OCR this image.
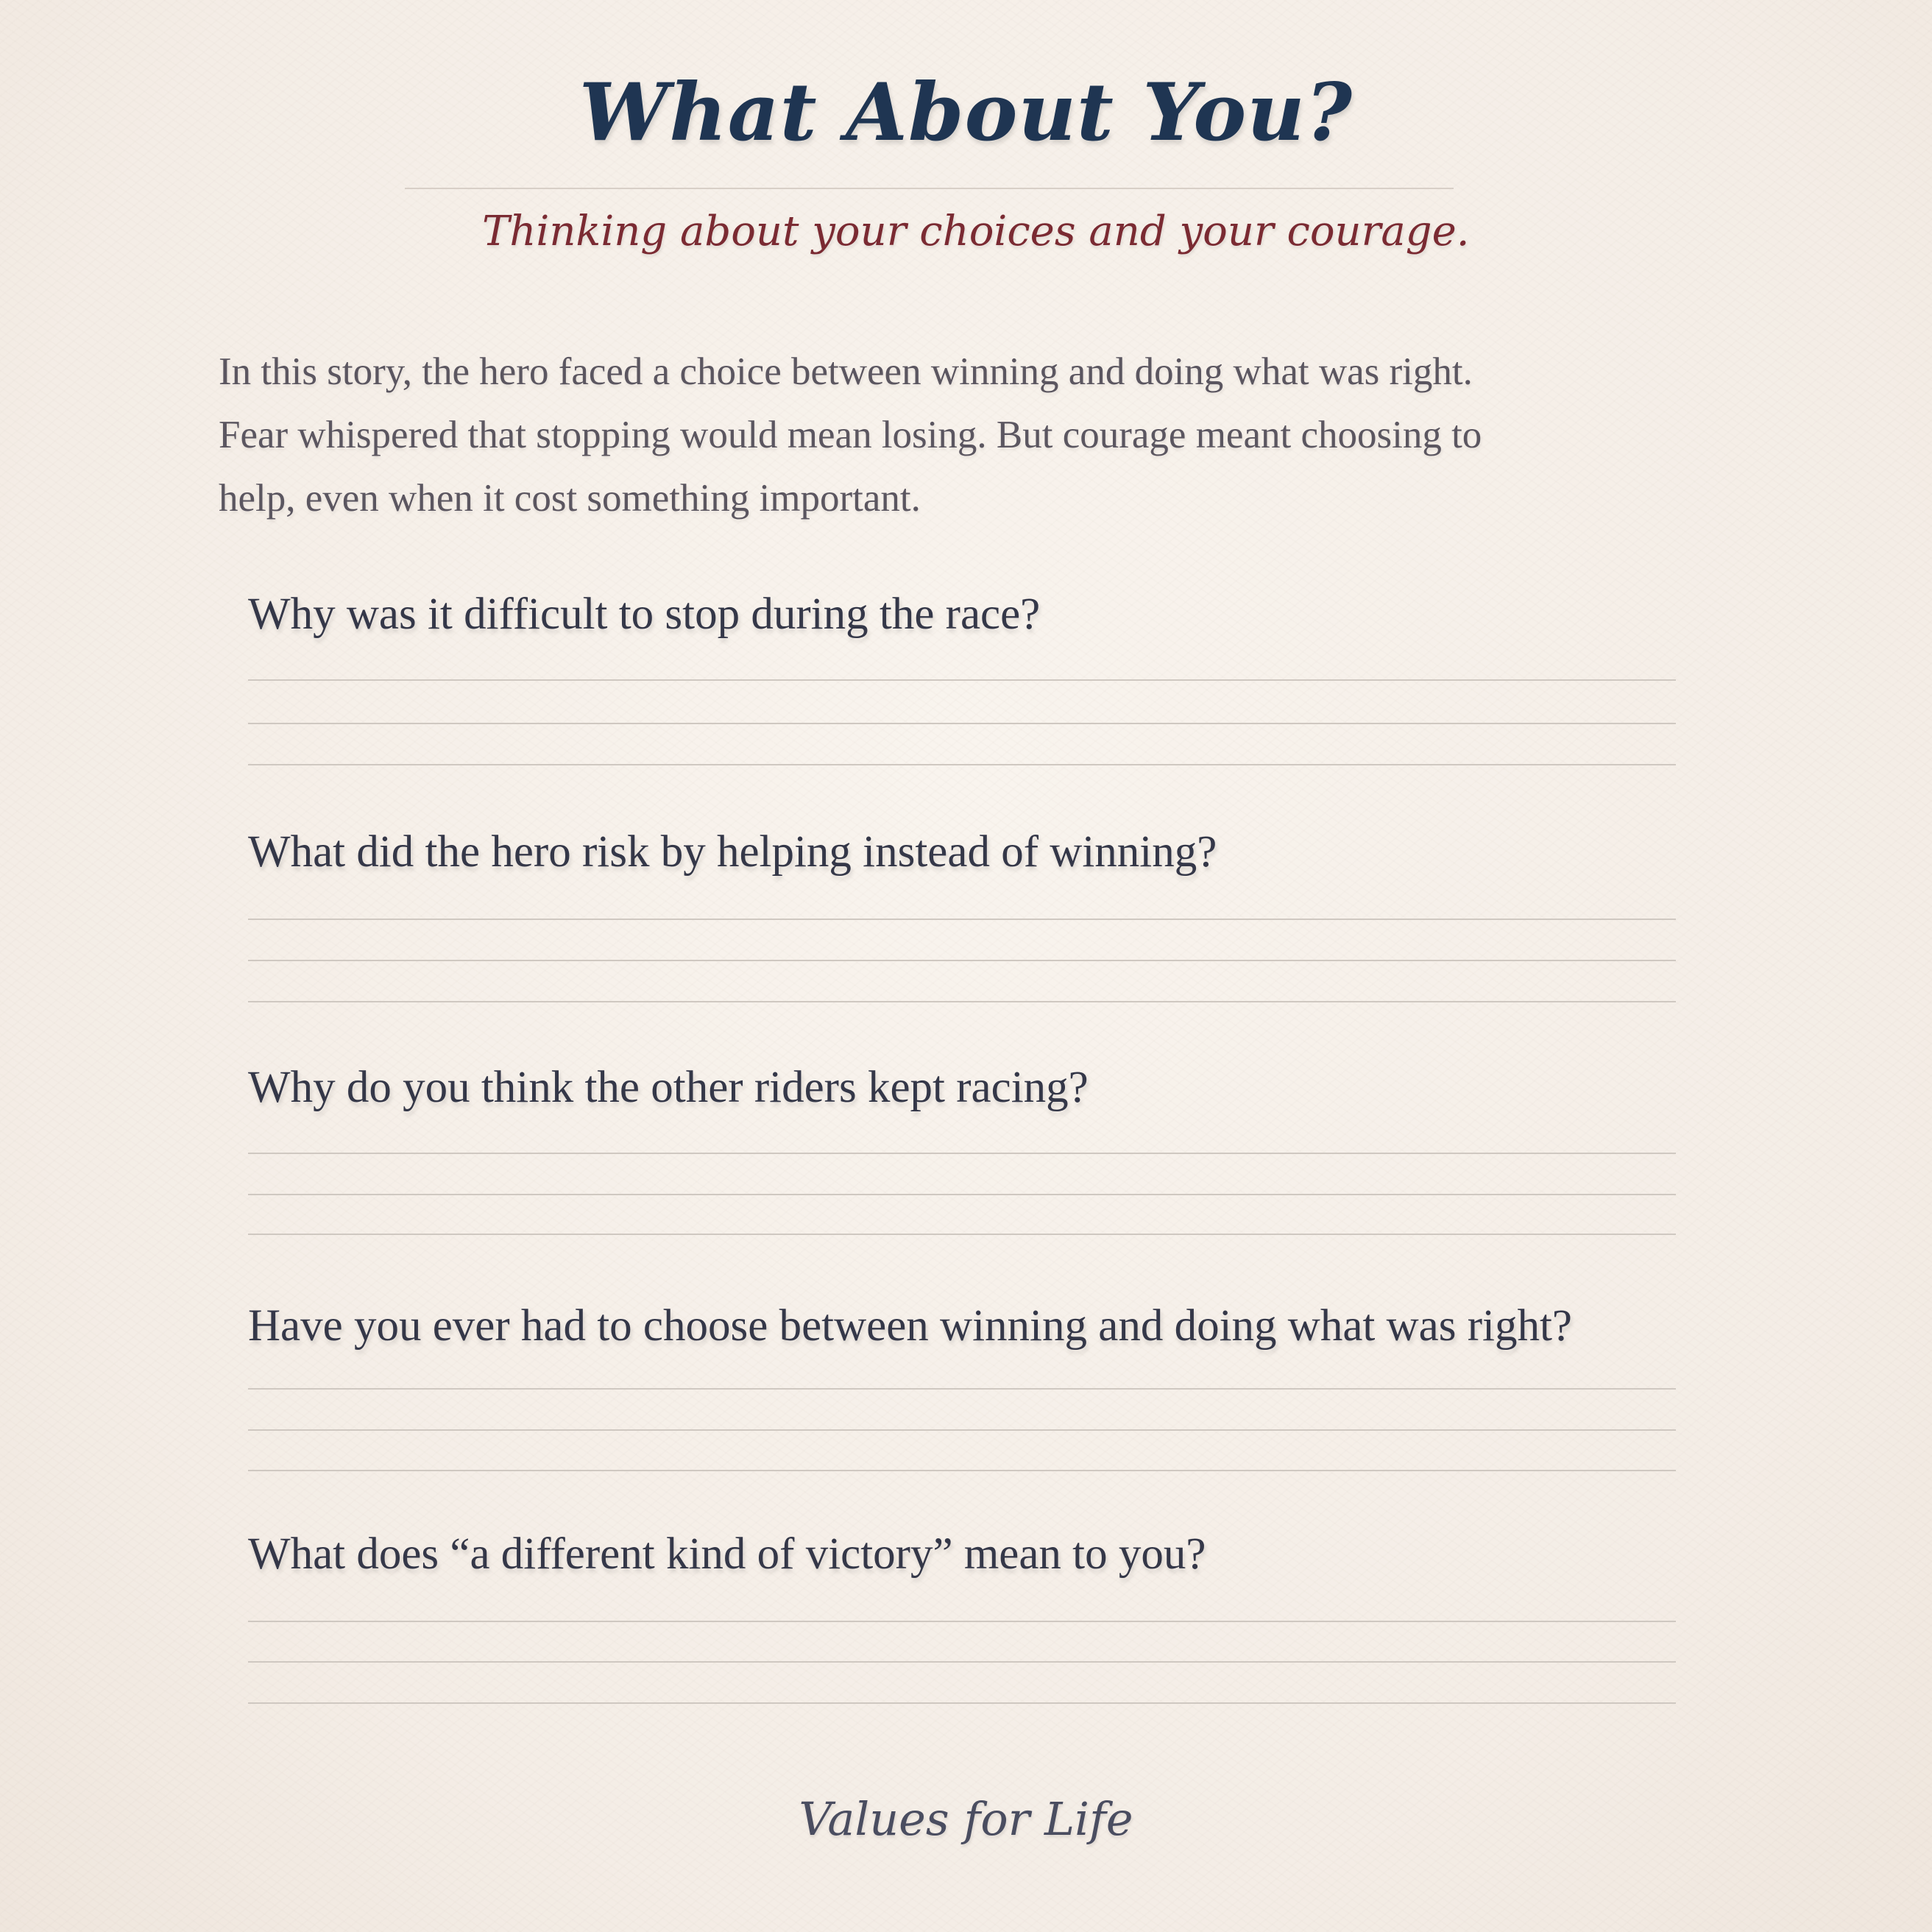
What About You?

Thinking about your choices and your courage.

In this story, the hero faced a choice between winning and doing what was right.
Fear whispered that stopping would mean losing. But courage meant choosing to
help, even when it cost something important.

Why was it difficult to stop during the race?

What did the hero risk by helping instead of winning?

Why do you think the other riders kept racing?

Have you ever had to choose between winning and doing what was right?

What does “a different kind of victory” mean to you?

Values for Life
